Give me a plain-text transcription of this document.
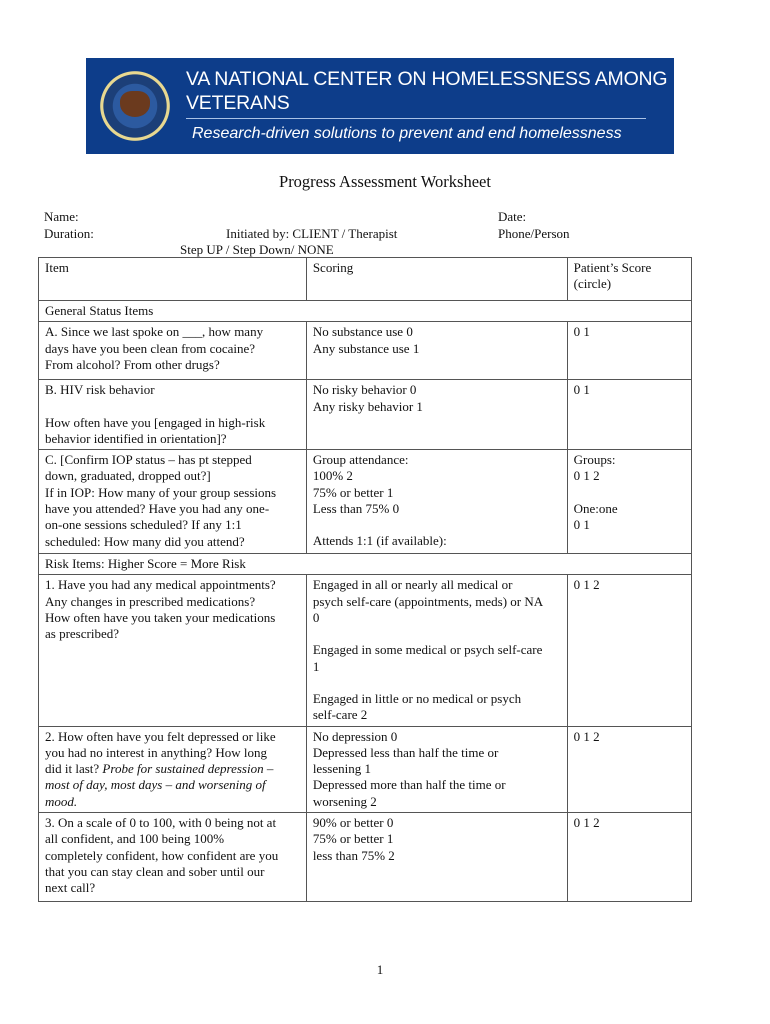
VA NATIONAL CENTER ON HOMELESSNESS AMONG VETERANS
Research-driven solutions to prevent and end homelessness
Progress Assessment Worksheet
Name:
Duration:	Initiated by: CLIENT / Therapist
Step UP / Step Down/ NONE
Date:
Phone/Person
Item	Scoring	Patient’s Score
(circle)
General Status Items		
A. Since we last spoke on ___, how many
days have you been clean from cocaine?
From alcohol? From other drugs?	No substance use 0
Any substance use 1	0 1
B. HIV risk behavior

How often have you [engaged in high-risk
behavior identified in orientation]?	No risky behavior 0
Any risky behavior 1	0 1
C. [Confirm IOP status – has pt stepped
down, graduated, dropped out?]
If in IOP: How many of your group sessions
have you attended? Have you had any one-
on-one sessions scheduled? If any 1:1
scheduled: How many did you attend?	Group attendance:
100% 2
75% or better 1
Less than 75% 0

Attends 1:1 (if available):	Groups:
0 1 2

One:one
0 1
Risk Items: Higher Score = More Risk		
1. Have you had any medical appointments?
Any changes in prescribed medications?
How often have you taken your medications
as prescribed?	Engaged in all or nearly all medical or
psych self-care (appointments, meds) or NA
0

Engaged in some medical or psych self-care
1

Engaged in little or no medical or psych
self-care 2	0 1 2
2. How often have you felt depressed or like
you had no interest in anything? How long
did it last? Probe for sustained depression –
most of day, most days – and worsening of
mood.	No depression 0
Depressed less than half the time or
lessening 1
Depressed more than half the time or
worsening 2	0 1 2
3. On a scale of 0 to 100, with 0 being not at
all confident, and 100 being 100%
completely confident, how confident are you
that you can stay clean and sober until our
next call?	90% or better 0
75% or better 1
less than 75% 2	0 1 2
1
